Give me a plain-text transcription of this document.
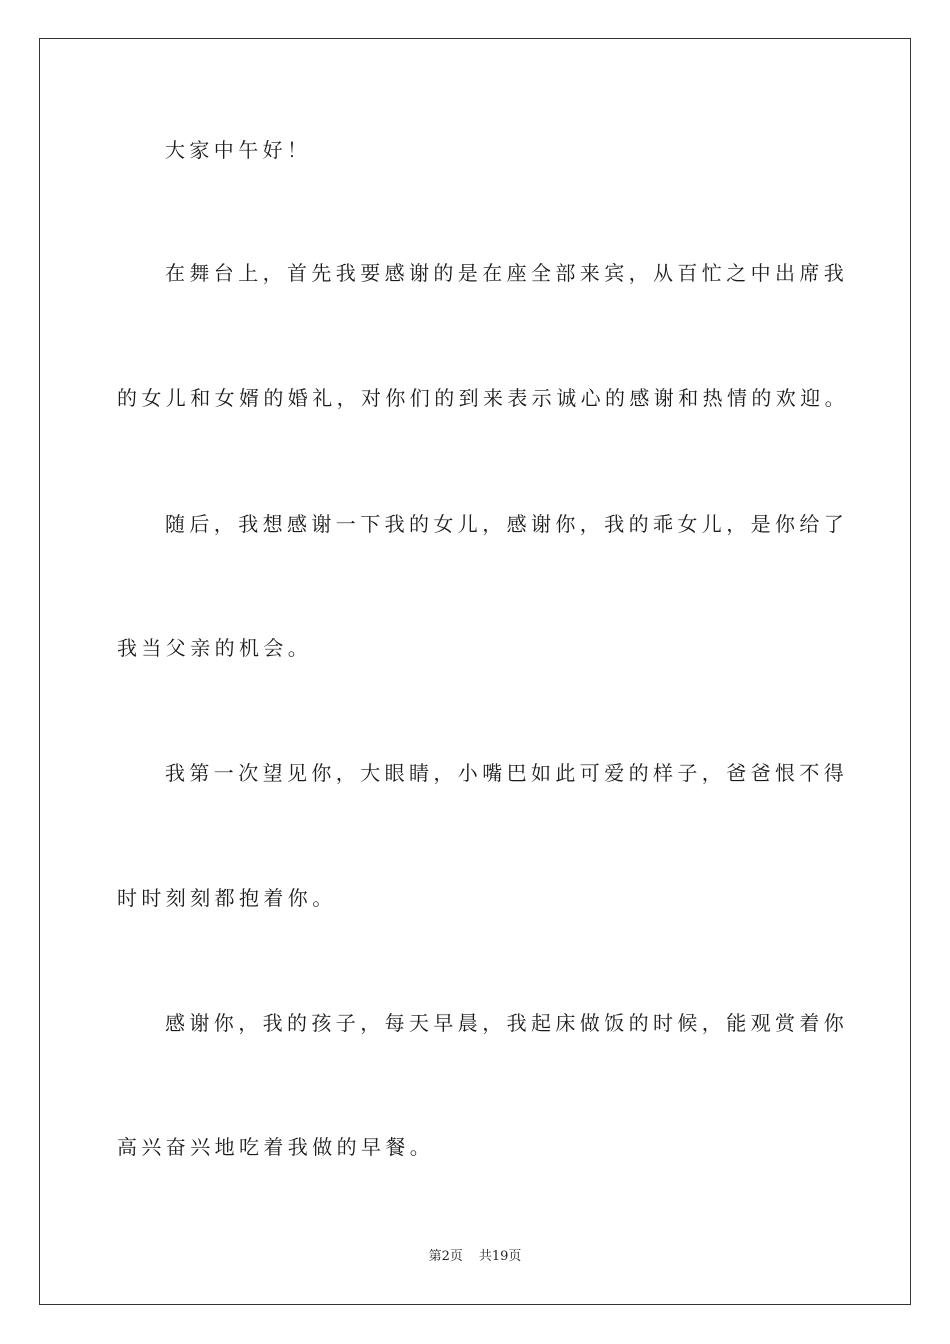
大家中午好！
在舞台上，首先我要感谢的是在座全部来宾，从百忙之中出席我
的女儿和女婿的婚礼，对你们的到来表示诚心的感谢和热情的欢迎。
随后，我想感谢一下我的女儿，感谢你，我的乖女儿，是你给了
我当父亲的机会。
我第一次望见你，大眼睛，小嘴巴如此可爱的样子，爸爸恨不得
时时刻刻都抱着你。
感谢你，我的孩子，每天早晨，我起床做饭的时候，能观赏着你
高兴奋兴地吃着我做的早餐。
第2页 共19页
